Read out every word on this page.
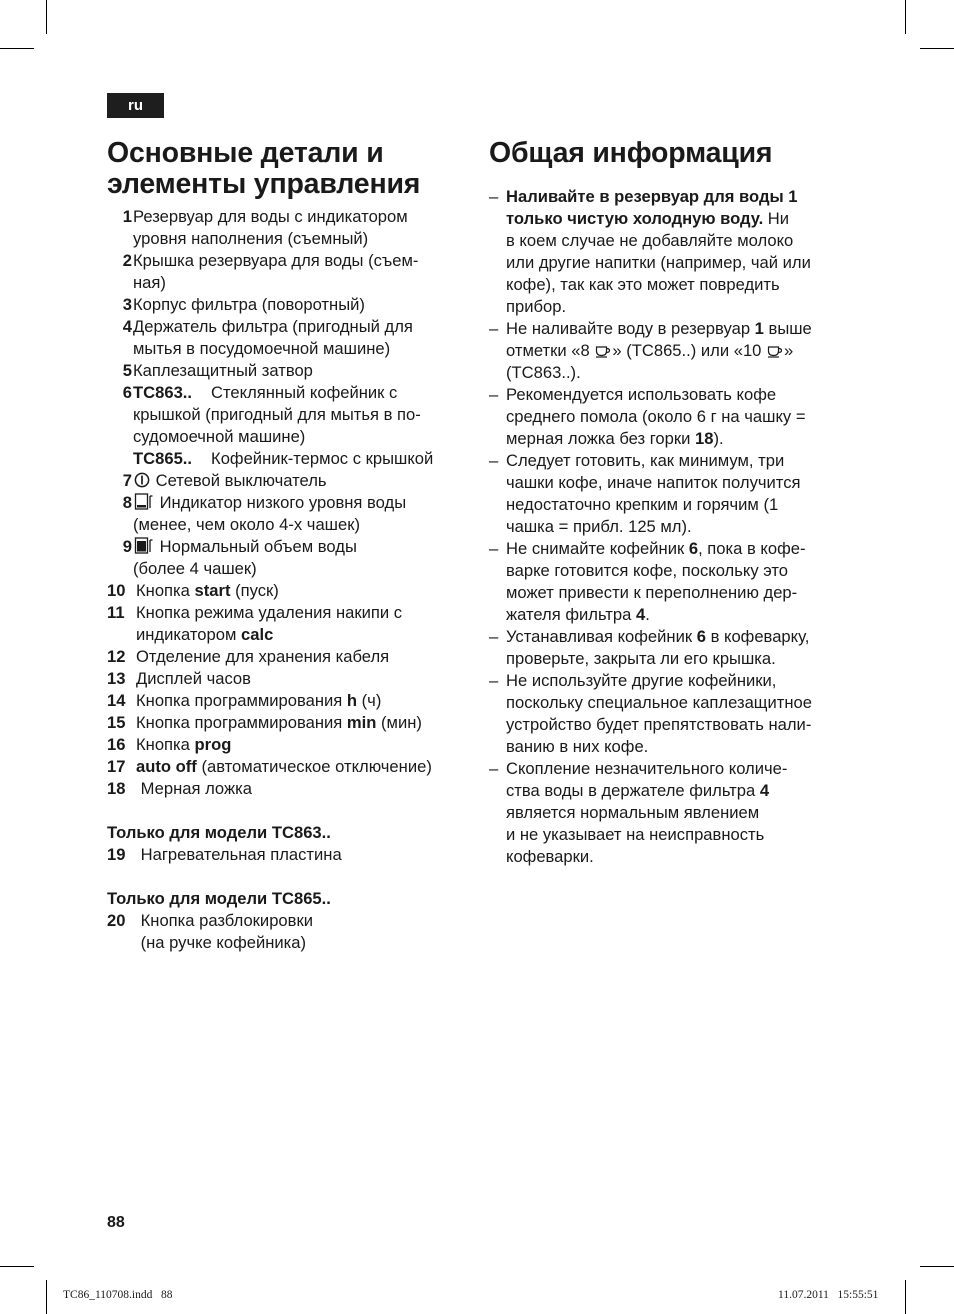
ru
Основные детали и
элементы управления
1 Резервуар для воды с индикатором
уровня наполнения (съемный)
2 Крышка резервуара для воды (съем-
ная)
3 Корпус фильтра (поворотный)
4 Держатель фильтра (пригодный для
мытья в посудомоечной машине)
5 Каплезащитный затвор
6 TC863.. Стеклянный кофейник с
крышкой (пригодный для мытья в по-
судомоечной машине)
TC865.. Кофейник-термос с крышкой
7	Сетевой выключатель
8	Индикатор низкого уровня воды
(менее, чем около 4-х чашек)
9	Нормальный объем воды
(более 4 чашек)
10 Кнопка start (пуск)
11 Кнопка режима удаления накипи с
индикатором calc
12 Отделение для хранения кабеля
13 Дисплей часов
14 Кнопка программирования h (ч)
15 Кнопка программирования min (мин)
16 Кнопка prog
17 auto off (автоматическое отключение)
18 Мерная ложка
Только для модели TC863..
19 Нагревательная пластина
Только для модели TC865..
20 Кнопка разблокировки
(на ручке кофейника)
Общая информация
– Наливайте в резервуар для воды 1
только чистую холодную воду. Ни
в коем случае не добавляйте молоко
или другие напитки (например, чай или
кофе), так как это может повредить
прибор.
– Не наливайте воду в резервуар 1 выше
отметки «8
» (TC865..) или «10
»
(TC863..).
– Рекомендуется использовать кофе
среднего помола (около 6 г на чашку =
мерная ложка без горки 18).
– Следует готовить, как минимум, три
чашки кофе, иначе напиток получится
недостаточно крепким и горячим (1
чашка = прибл. 125 мл).
– Не снимайте кофейник 6, пока в кофе-
варке готовится кофе, поскольку это
может привести к переполнению дер-
жателя фильтра 4.
– Устанавливая кофейник 6 в кофеварку,
проверьте, закрыта ли его крышка.
– Не используйте другие кофейники,
поскольку специальное каплезащитное
устройство будет препятствовать нали-
ванию в них кофе.
– Скопление незначительного количе-
ства воды в держателе фильтра 4
является нормальным явлением
и не указывает на неисправность
кофеварки.
88
TC86_110708.indd   88	11.07.2011   15:55:51
